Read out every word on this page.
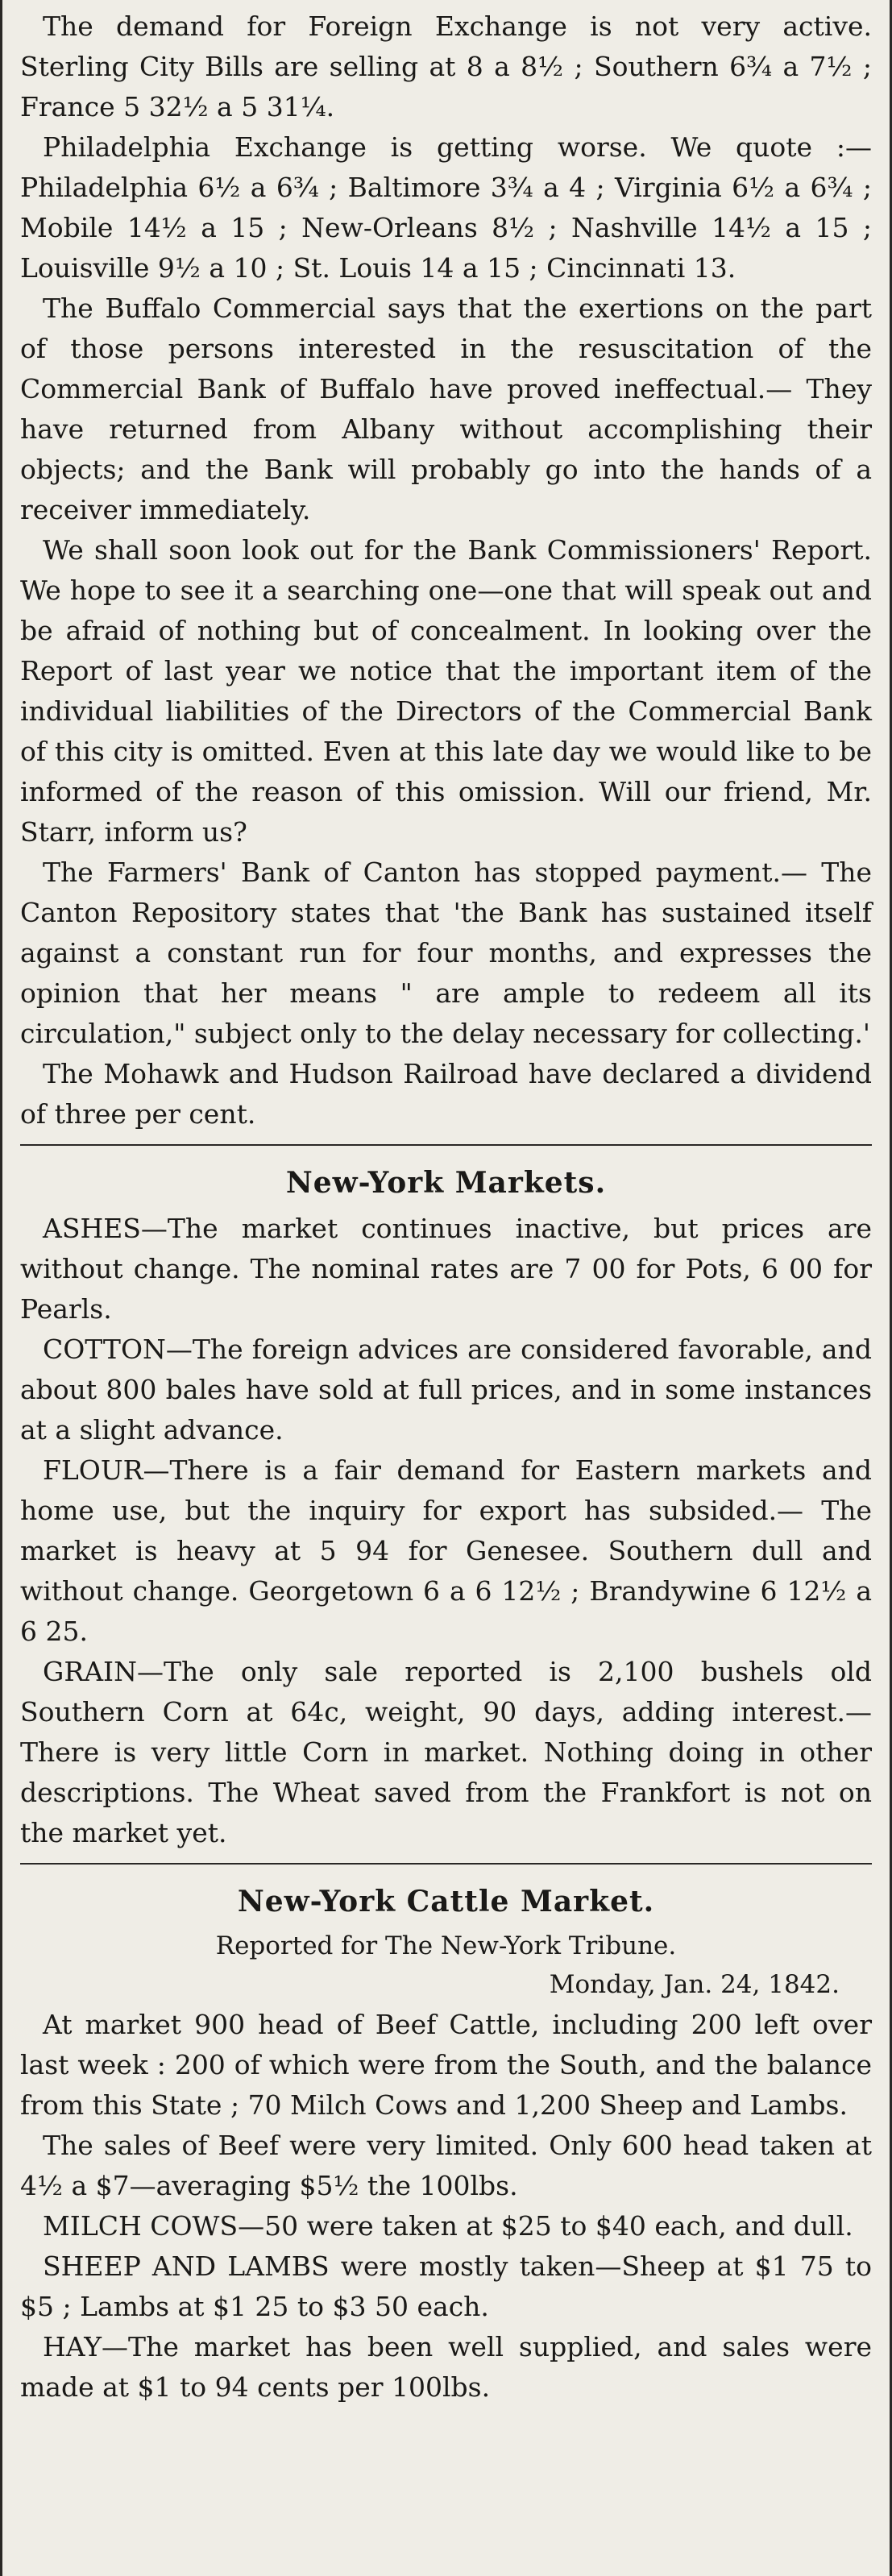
The demand for Foreign Exchange is not very active. Sterling City Bills are selling at 8 a 8½ ; Southern 6¾ a 7½ ; France 5 32½ a 5 31¼.

Philadelphia Exchange is getting worse. We quote :— Philadelphia 6½ a 6¾ ; Baltimore 3¾ a 4 ; Virginia 6½ a 6¾ ; Mobile 14½ a 15 ; New-Orleans 8½ ; Nashville 14½ a 15 ; Louisville 9½ a 10 ; St. Louis 14 a 15 ; Cincinnati 13.

The Buffalo Commercial says that the exertions on the part of those persons interested in the resuscitation of the Commercial Bank of Buffalo have proved ineffectual.— They have returned from Albany without accomplishing their objects; and the Bank will probably go into the hands of a receiver immediately.

We shall soon look out for the Bank Commissioners' Report. We hope to see it a searching one—one that will speak out and be afraid of nothing but of concealment. In looking over the Report of last year we notice that the important item of the individual liabilities of the Directors of the Commercial Bank of this city is omitted. Even at this late day we would like to be informed of the reason of this omission. Will our friend, Mr. Starr, inform us?

The Farmers' Bank of Canton has stopped payment.— The Canton Repository states that 'the Bank has sustained itself against a constant run for four months, and expresses the opinion that her means " are ample to redeem all its circulation," subject only to the delay necessary for collecting.'

The Mohawk and Hudson Railroad have declared a dividend of three per cent.

New-York Markets.

ASHES—The market continues inactive, but prices are without change. The nominal rates are 7 00 for Pots, 6 00 for Pearls.

COTTON—The foreign advices are considered favorable, and about 800 bales have sold at full prices, and in some instances at a slight advance.

FLOUR—There is a fair demand for Eastern markets and home use, but the inquiry for export has subsided.— The market is heavy at 5 94 for Genesee. Southern dull and without change. Georgetown 6 a 6 12½ ; Brandywine 6 12½ a 6 25.

GRAIN—The only sale reported is 2,100 bushels old Southern Corn at 64c, weight, 90 days, adding interest.— There is very little Corn in market. Nothing doing in other descriptions. The Wheat saved from the Frankfort is not on the market yet.

New-York Cattle Market.

Reported for The New-York Tribune.

Monday, Jan. 24, 1842.

At market 900 head of Beef Cattle, including 200 left over last week : 200 of which were from the South, and the balance from this State ; 70 Milch Cows and 1,200 Sheep and Lambs.

The sales of Beef were very limited. Only 600 head taken at 4½ a $7—averaging $5½ the 100lbs.

MILCH COWS—50 were taken at $25 to $40 each, and dull.

SHEEP AND LAMBS were mostly taken—Sheep at $1 75 to $5 ; Lambs at $1 25 to $3 50 each.

HAY—The market has been well supplied, and sales were made at $1 to 94 cents per 100lbs.
